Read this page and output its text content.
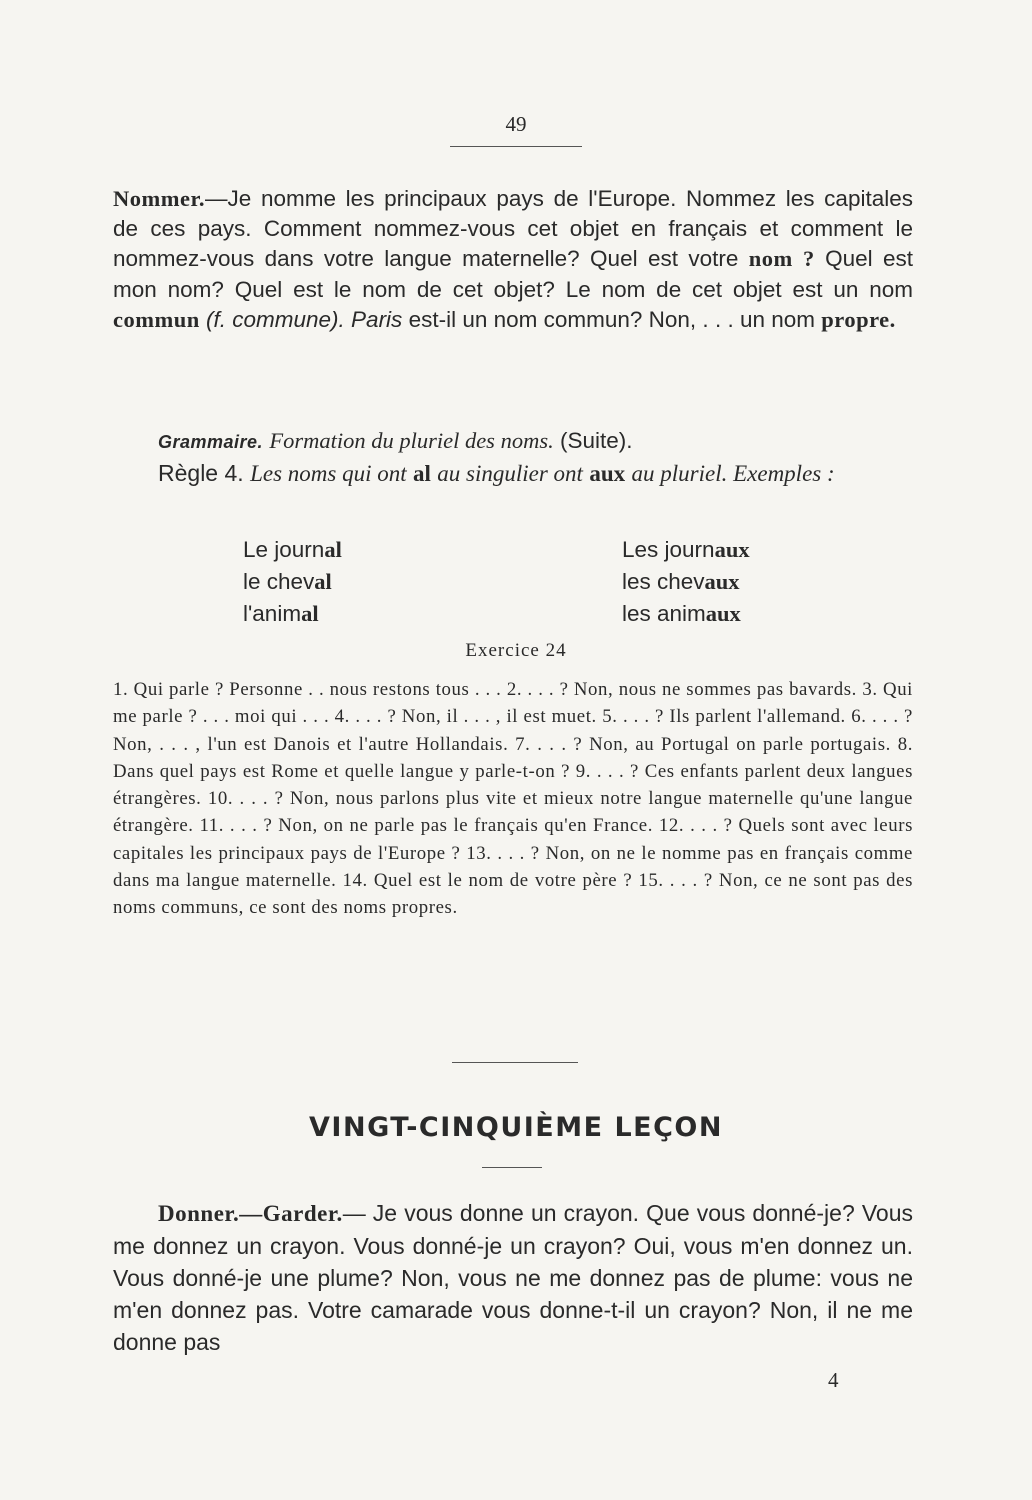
49
Nommer.—Je nomme les principaux pays de l'Europe. Nommez les capitales de ces pays. Comment nommez-vous cet objet en français et comment le nommez-vous dans votre langue maternelle? Quel est votre nom ? Quel est mon nom? Quel est le nom de cet objet? Le nom de cet objet est un nom commun (f. commune). Paris est-il un nom commun? Non, . . . un nom propre.
Grammaire. Formation du pluriel des noms. (Suite).
Règle 4. Les noms qui ont al au singulier ont aux au pluriel. Exemples :
Le journal	Les journaux
le cheval	les chevaux
l'animal	les animaux
Exercice 24
1. Qui parle ? Personne . . nous restons tous . . . 2. . . . ? Non, nous ne sommes pas bavards. 3. Qui me parle ? . . . moi qui . . . 4. . . . ? Non, il . . . , il est muet. 5. . . . ? Ils parlent l'allemand. 6. . . . ? Non, . . . , l'un est Danois et l'autre Hollandais. 7. . . . ? Non, au Portugal on parle portugais. 8. Dans quel pays est Rome et quelle langue y parle-t-on ? 9. . . . ? Ces enfants parlent deux langues étrangères. 10. . . . ? Non, nous parlons plus vite et mieux notre langue maternelle qu'une langue étrangère. 11. . . . ? Non, on ne parle pas le français qu'en France. 12. . . . ? Quels sont avec leurs capitales les principaux pays de l'Europe ? 13. . . . ? Non, on ne le nomme pas en français comme dans ma langue maternelle. 14. Quel est le nom de votre père ? 15. . . . ? Non, ce ne sont pas des noms communs, ce sont des noms propres.
VINGT-CINQUIÈME LEÇON
Donner.—Garder.— Je vous donne un crayon. Que vous donné-je? Vous me donnez un crayon. Vous donné-je un crayon? Oui, vous m'en donnez un. Vous donné-je une plume? Non, vous ne me donnez pas de plume: vous ne m'en donnez pas. Votre camarade vous donne-t-il un crayon? Non, il ne me donne pas
4
